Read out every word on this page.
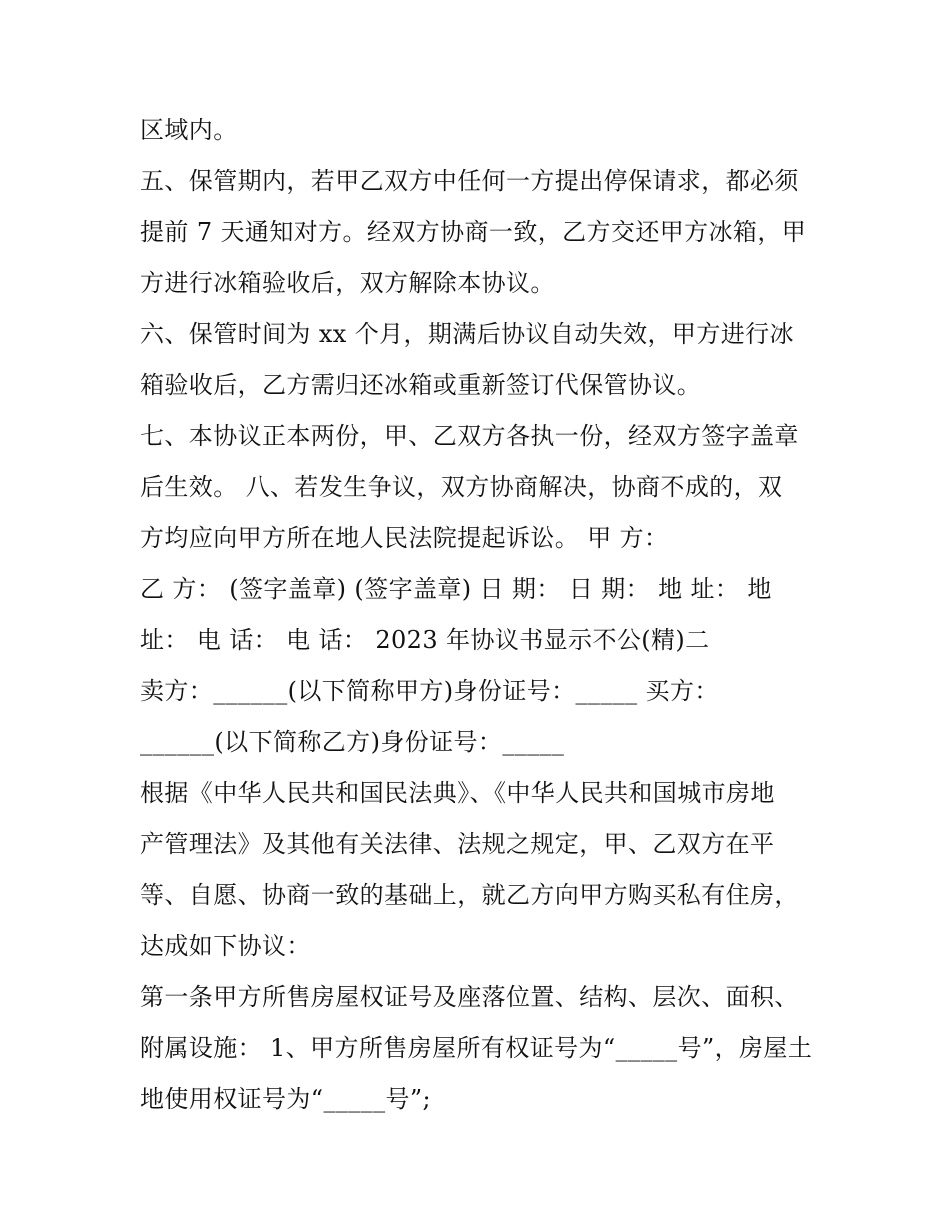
区域内。
五、保管期内，若甲乙双方中任何一方提出停保请求，都必须
提前 7 天通知对方。经双方协商一致，乙方交还甲方冰箱，甲
方进行冰箱验收后，双方解除本协议。
六、保管时间为 xx 个月，期满后协议自动失效，甲方进行冰
箱验收后，乙方需归还冰箱或重新签订代保管协议。
七、本协议正本两份，甲、乙双方各执一份，经双方签字盖章
后生效。 八、若发生争议，双方协商解决，协商不成的，双
方均应向甲方所在地人民法院提起诉讼。 甲 方：
乙 方： (签字盖章) (签字盖章) 日 期： 日 期： 地 址： 地
址： 电 话： 电 话： 2023 年协议书显示不公(精)二
卖方：______(以下简称甲方)身份证号：_____ 买方：
______(以下简称乙方)身份证号：_____
根据《中华人民共和国民法典》、《中华人民共和国城市房地
产管理法》及其他有关法律、法规之规定，甲、乙双方在平
等、自愿、协商一致的基础上，就乙方向甲方购买私有住房，
达成如下协议：
第一条甲方所售房屋权证号及座落位置、结构、层次、面积、
附属设施： 1、甲方所售房屋所有权证号为“_____号”，房屋土
地使用权证号为“_____号”;
